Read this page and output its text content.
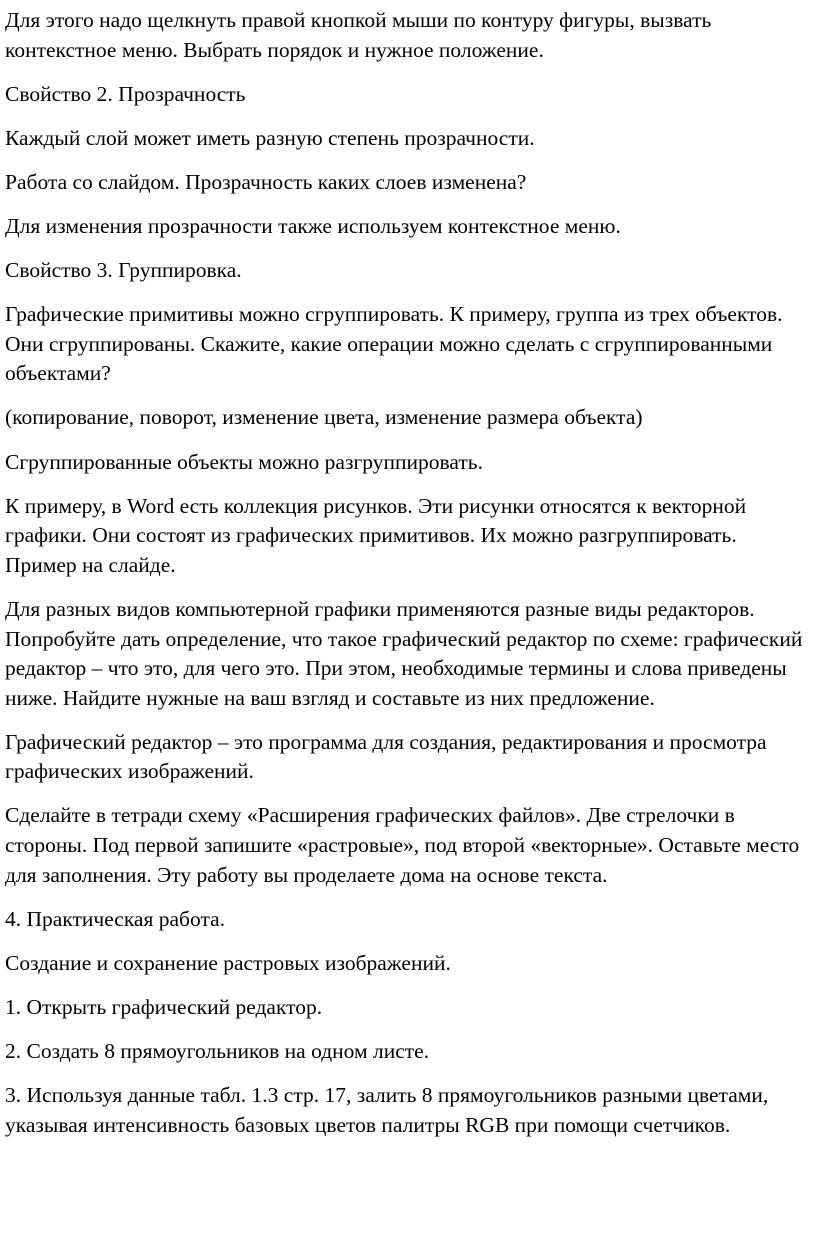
Для этого надо щелкнуть правой кнопкой мыши по контуру фигуры, вызвать контекстное меню. Выбрать порядок и нужное положение.

Свойство 2. Прозрачность

Каждый слой может иметь разную степень прозрачности.

Работа со слайдом. Прозрачность каких слоев изменена?

Для изменения прозрачности также используем контекстное меню.

Свойство 3. Группировка.

Графические примитивы можно сгруппировать. К примеру, группа из трех объектов. Они сгруппированы. Скажите, какие операции можно сделать с сгруппированными объектами?

(копирование, поворот, изменение цвета, изменение размера объекта)

Сгруппированные объекты можно разгруппировать.

К примеру, в Word есть коллекция рисунков. Эти рисунки относятся к векторной графики. Они состоят из графических примитивов. Их можно разгруппировать. Пример на слайде.

Для разных видов компьютерной графики применяются разные виды редакторов. Попробуйте дать определение, что такое графический редактор по схеме: графический редактор – что это, для чего это. При этом, необходимые термины и слова приведены ниже. Найдите нужные на ваш взгляд и составьте из них предложение.

Графический редактор – это программа для создания, редактирования и просмотра графических изображений.

Сделайте в тетради схему «Расширения графических файлов». Две стрелочки в стороны. Под первой запишите «растровые», под второй «векторные». Оставьте место для заполнения. Эту работу вы проделаете дома на основе текста.

4. Практическая работа.

Создание и сохранение растровых изображений.

1. Открыть графический редактор.

2. Создать 8 прямоугольников на одном листе.

3. Используя данные табл. 1.3 стр. 17, залить 8 прямоугольников разными цветами, указывая интенсивность базовых цветов палитры RGB при помощи счетчиков.
